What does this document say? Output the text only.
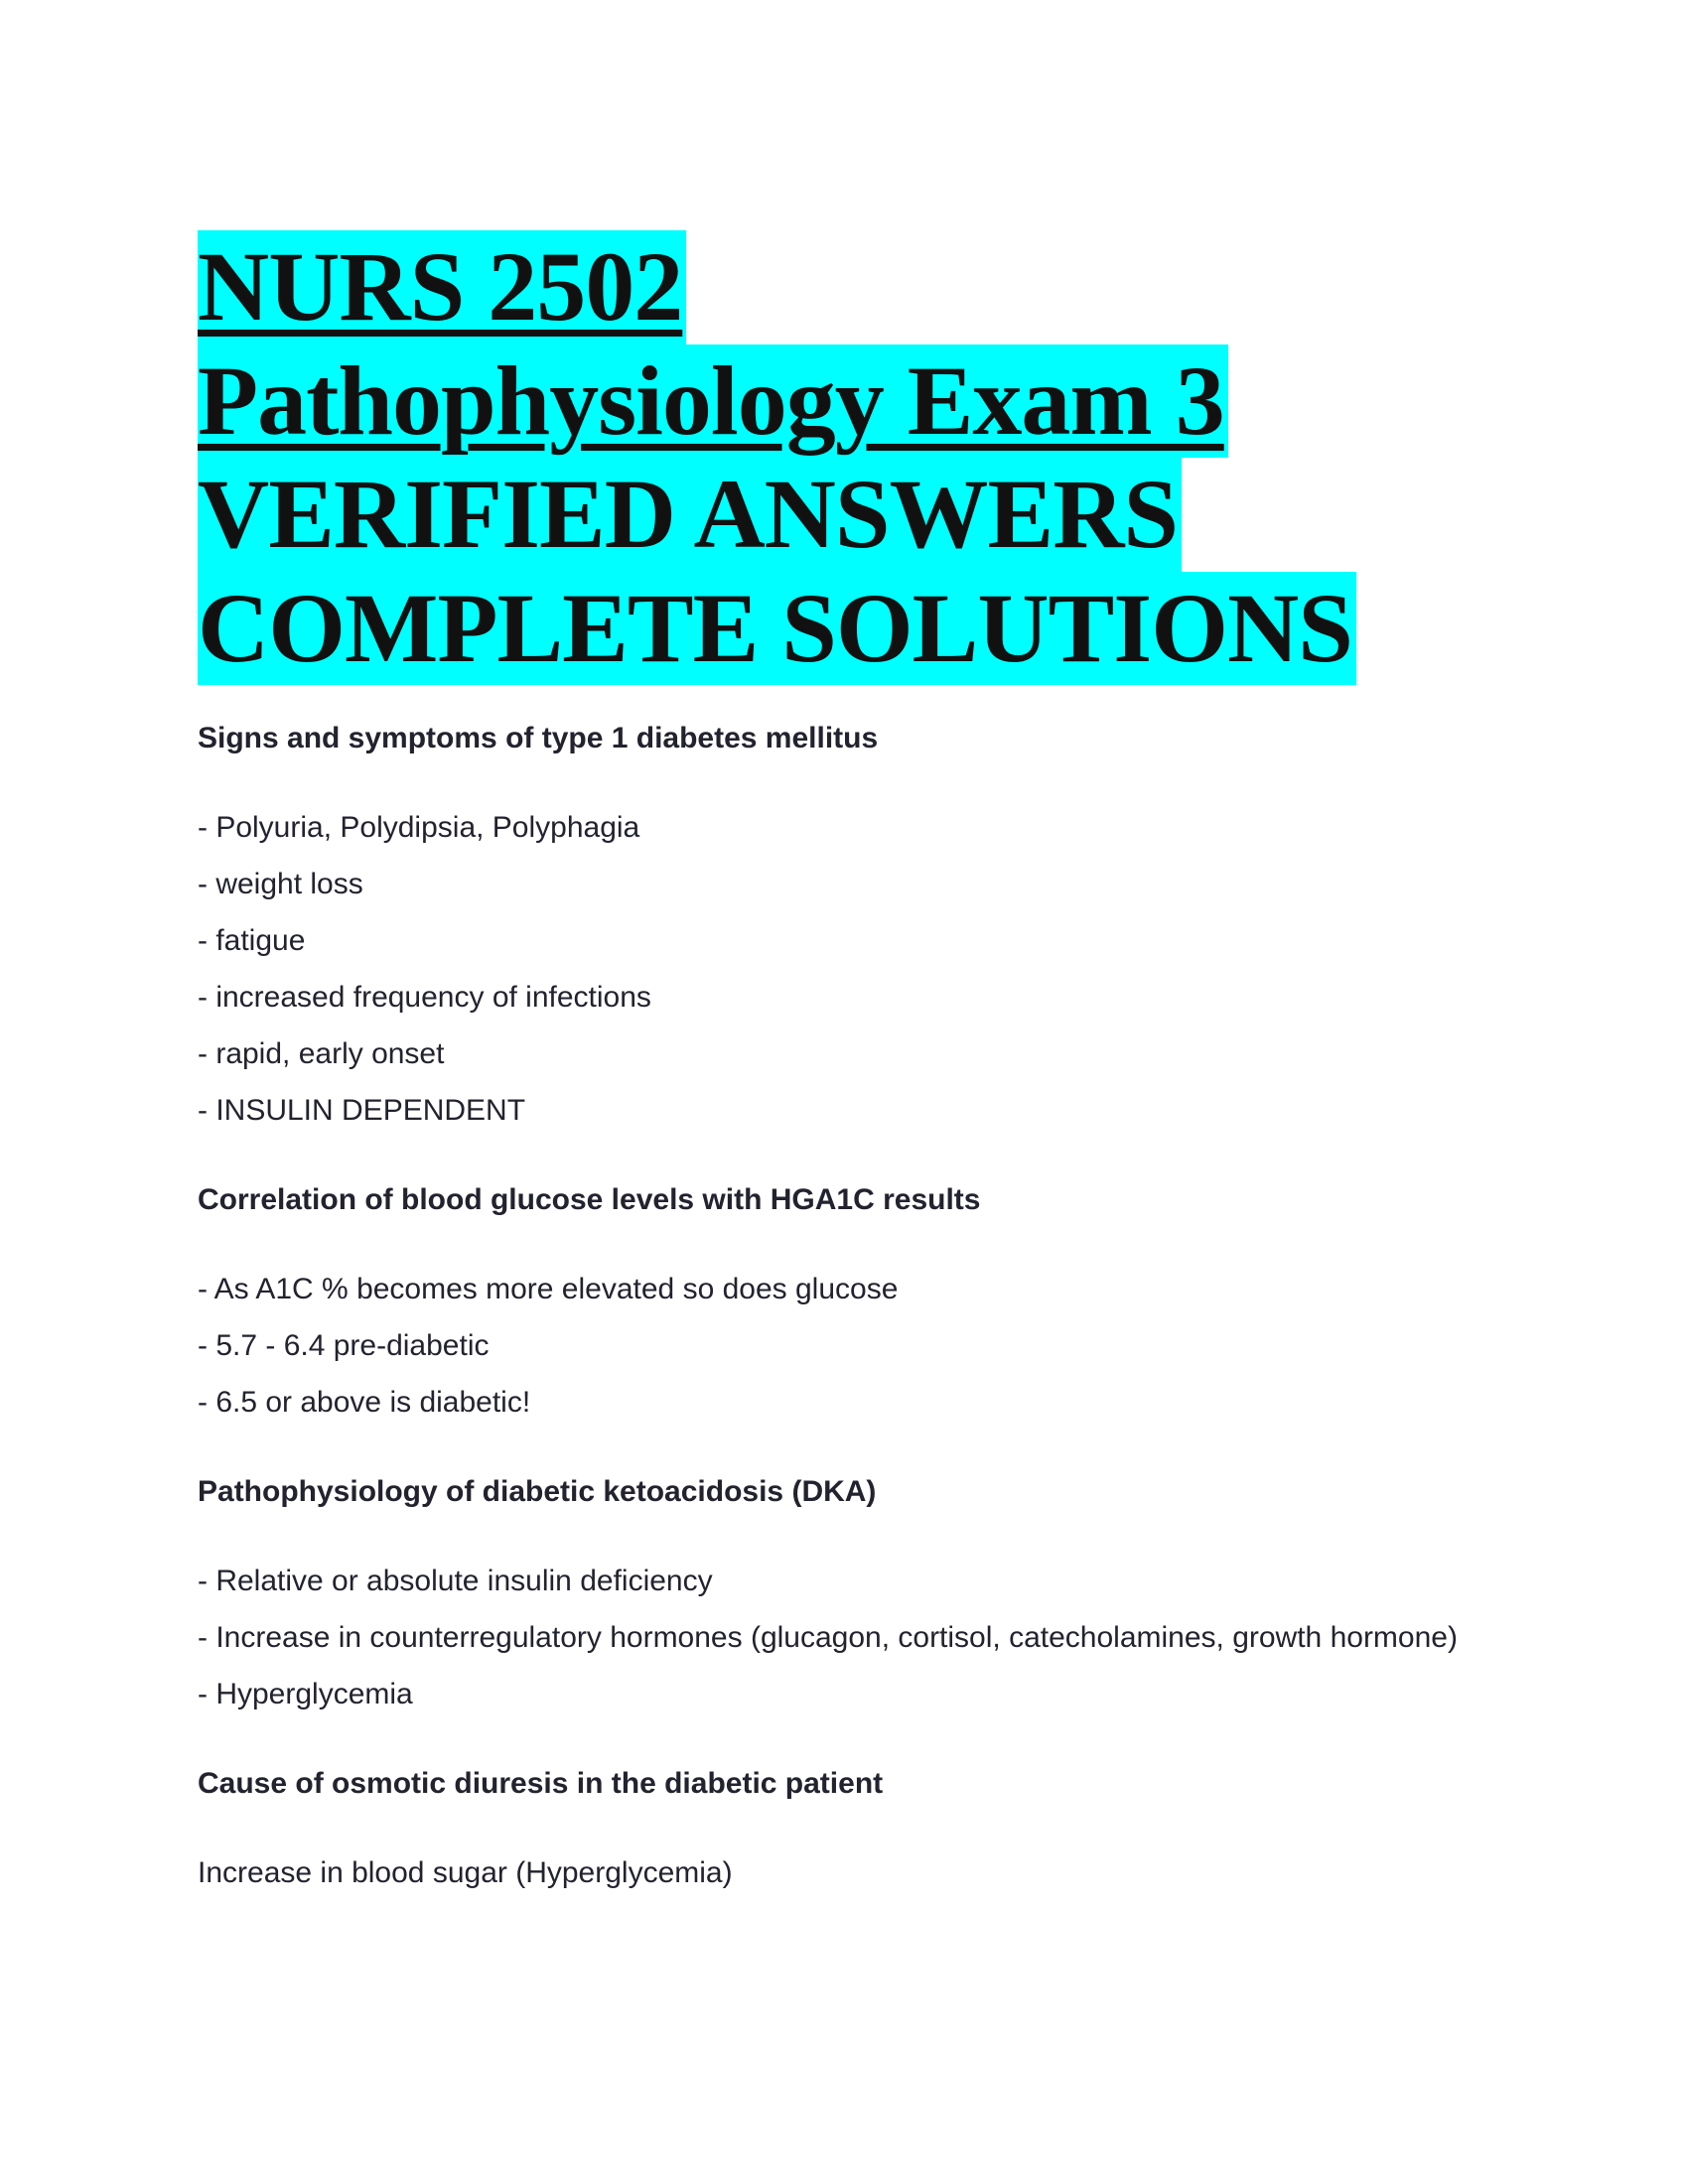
NURS 2502
Pathophysiology Exam 3
VERIFIED ANSWERS
COMPLETE SOLUTIONS

Signs and symptoms of type 1 diabetes mellitus

- Polyuria, Polydipsia, Polyphagia

- weight loss

- fatigue

- increased frequency of infections

- rapid, early onset

- INSULIN DEPENDENT

Correlation of blood glucose levels with HGA1C results

- As A1C % becomes more elevated so does glucose

- 5.7 - 6.4 pre-diabetic

- 6.5 or above is diabetic!

Pathophysiology of diabetic ketoacidosis (DKA)

- Relative or absolute insulin deficiency

- Increase in counterregulatory hormones (glucagon, cortisol, catecholamines, growth hormone)

- Hyperglycemia

Cause of osmotic diuresis in the diabetic patient

Increase in blood sugar (Hyperglycemia)
